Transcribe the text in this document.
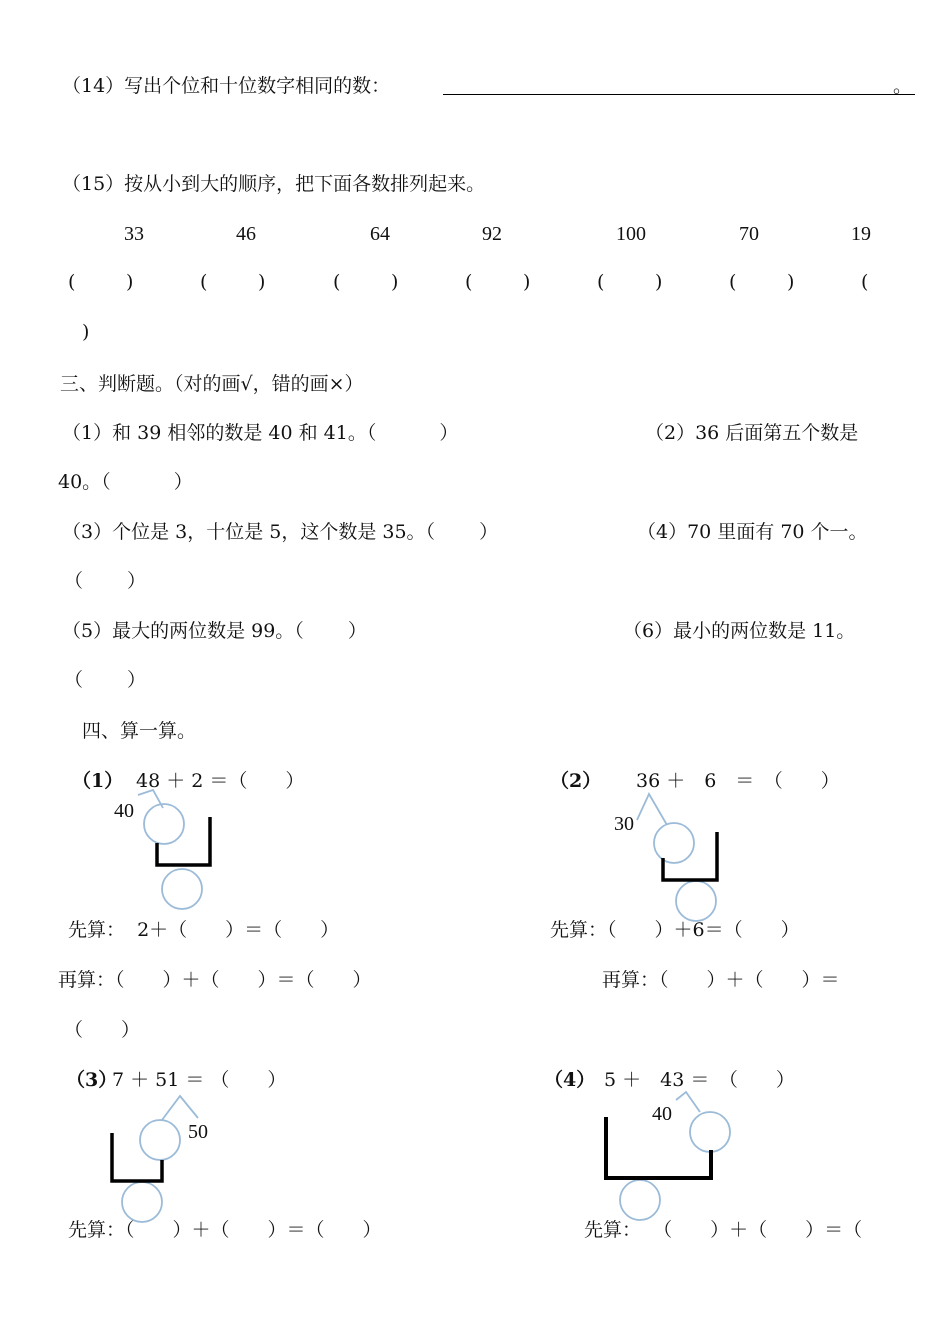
（14）写出个位和十位数字相同的数：	。
（15）按从小到大的顺序，把下面各数排列起来。
33	46	64	92	100	70	19
(	)	(	)	(	)	(	)	(	)	(	)	(
)
三、判断题。（对的画√，错的画×）
（1）和 39 相邻的数是 40 和 41。（　　　 ）	（2）36 后面第五个数是
40。（　　　 ）
（3）个位是 3，十位是 5，这个数是 35。（　　 ）	（4）70 里面有 70 个一。
（　　 ）
（5）最大的两位数是 99。（　　 ）	（6）最小的两位数是 11。
（　　 ）
四、算一算。
（1） 48 ＋ 2 ＝（　　）
40
先算：  2＋（　　）＝（　　）
再算：（　　）＋（　　）＝（　　）
（2） 36 ＋　6　＝　（　　）
30
先算：（　　）＋6＝（　　）
再算：（　　）＋（　　）＝
（　　）
（3）
7 ＋ 51 ＝ （　　）
50
先算：（　　）＋（　　）＝（　　）
（4） 5 ＋　43 ＝　（　　）
40
先算：  （　　）＋（　　）＝（
